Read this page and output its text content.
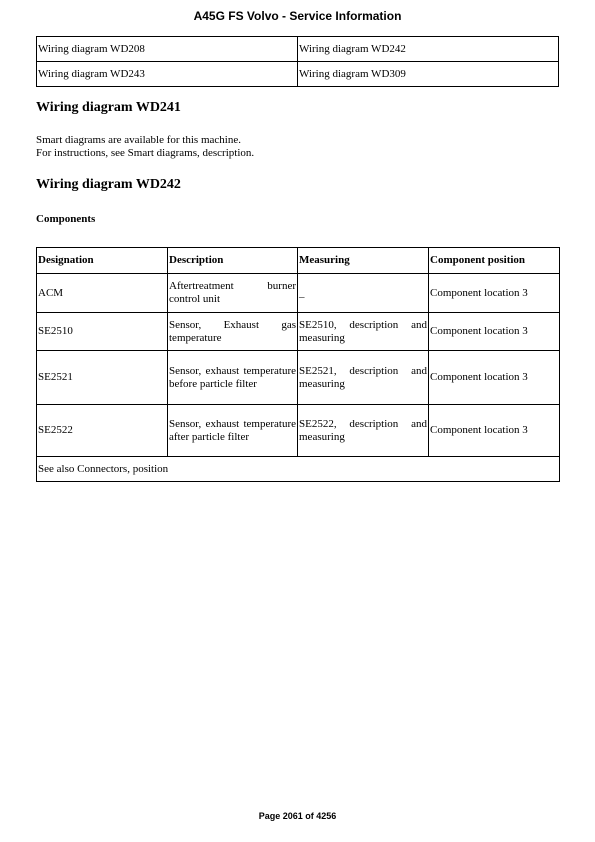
A45G FS Volvo - Service Information
Wiring diagram WD208	Wiring diagram WD242
Wiring diagram WD243	Wiring diagram WD309
Wiring diagram WD241
Smart diagrams are available for this machine.
For instructions, see Smart diagrams, description.
Wiring diagram WD242
Components
Designation	Description	Measuring	Component position
ACM	Aftertreatment burner control unit	_	Component location 3
SE2510	Sensor, Exhaust gas temperature	SE2510, description and measuring	Component location 3
SE2521	Sensor, exhaust temperature before particle filter	SE2521, description and measuring	Component location 3
SE2522	Sensor, exhaust temperature after particle filter	SE2522, description and measuring	Component location 3
See also Connectors, position			
Page 2061 of 4256
